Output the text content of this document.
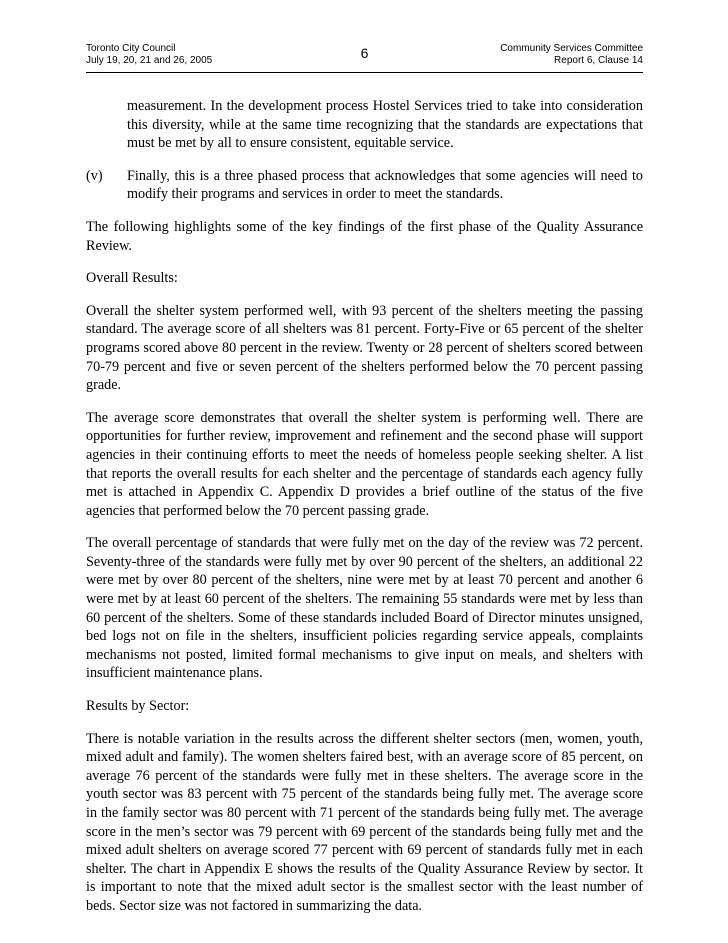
Toronto City Council
July 19, 20, 21 and 26, 2005	6	Community Services Committee
Report 6, Clause 14

measurement. In the development process Hostel Services tried to take into consideration this diversity, while at the same time recognizing that the standards are expectations that must be met by all to ensure consistent, equitable service.

(v) Finally, this is a three phased process that acknowledges that some agencies will need to modify their programs and services in order to meet the standards.

The following highlights some of the key findings of the first phase of the Quality Assurance Review.

Overall Results:

Overall the shelter system performed well, with 93 percent of the shelters meeting the passing standard. The average score of all shelters was 81 percent. Forty-Five or 65 percent of the shelter programs scored above 80 percent in the review. Twenty or 28 percent of shelters scored between 70-79 percent and five or seven percent of the shelters performed below the 70 percent passing grade.

The average score demonstrates that overall the shelter system is performing well. There are opportunities for further review, improvement and refinement and the second phase will support agencies in their continuing efforts to meet the needs of homeless people seeking shelter. A list that reports the overall results for each shelter and the percentage of standards each agency fully met is attached in Appendix C. Appendix D provides a brief outline of the status of the five agencies that performed below the 70 percent passing grade.

The overall percentage of standards that were fully met on the day of the review was 72 percent. Seventy-three of the standards were fully met by over 90 percent of the shelters, an additional 22 were met by over 80 percent of the shelters, nine were met by at least 70 percent and another 6 were met by at least 60 percent of the shelters. The remaining 55 standards were met by less than 60 percent of the shelters. Some of these standards included Board of Director minutes unsigned, bed logs not on file in the shelters, insufficient policies regarding service appeals, complaints mechanisms not posted, limited formal mechanisms to give input on meals, and shelters with insufficient maintenance plans.

Results by Sector:

There is notable variation in the results across the different shelter sectors (men, women, youth, mixed adult and family). The women shelters faired best, with an average score of 85 percent, on average 76 percent of the standards were fully met in these shelters. The average score in the youth sector was 83 percent with 75 percent of the standards being fully met. The average score in the family sector was 80 percent with 71 percent of the standards being fully met. The average score in the men’s sector was 79 percent with 69 percent of the standards being fully met and the mixed adult shelters on average scored 77 percent with 69 percent of standards fully met in each shelter. The chart in Appendix E shows the results of the Quality Assurance Review by sector. It is important to note that the mixed adult sector is the smallest sector with the least number of beds. Sector size was not factored in summarizing the data.
